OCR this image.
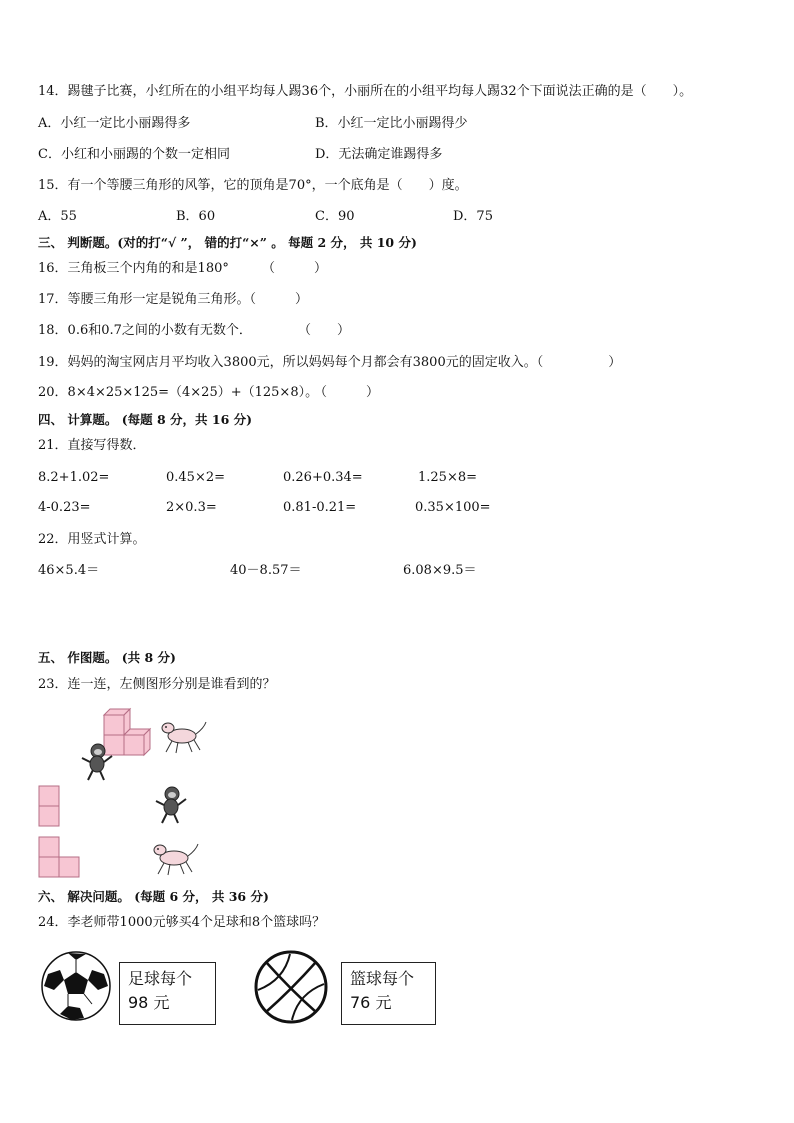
14．踢毽子比赛，小红所在的小组平均每人踢36个，小丽所在的小组平均每人踢32个下面说法正确的是（　　）。
A．小红一定比小丽踢得多	B．小红一定比小丽踢得少
C．小红和小丽踢的个数一定相同	D．无法确定谁踢得多
15．有一个等腰三角形的风筝，它的顶角是70°，一个底角是（　　）度。
A．55	B．60	C．90	D．75
三、 判断题。(对的打“√ ”， 错的打“×” 。 每题 2 分， 共 10 分)
16．三角板三个内角的和是180°	（　　　）
17．等腰三角形一定是锐角三角形。（　　　）
18．0.6和0.7之间的小数有无数个．	（　　）
19．妈妈的淘宝网店月平均收入3800元，所以妈妈每个月都会有3800元的固定收入。（　　　　　）
20．8×4×25×125=（4×25）+（125×8）。
（　　　）
四、 计算题。 (每题 8 分，共 16 分)
21．直接写得数．
8.2+1.02=	0.45×2=	0.26+0.34=	1.25×8=
4-0.23=	2×0.3=	0.81-0.21=	0.35×100=
22．用竖式计算。
46×5.4＝	40－8.57＝	6.08×9.5＝
五、 作图题。 (共 8 分)
23．连一连，左侧图形分别是谁看到的？
六、 解决问题。 (每题 6 分， 共 36 分)
24．李老师带1000元够买4个足球和8个篮球吗？
足球每个
98 元
篮球每个
76 元
